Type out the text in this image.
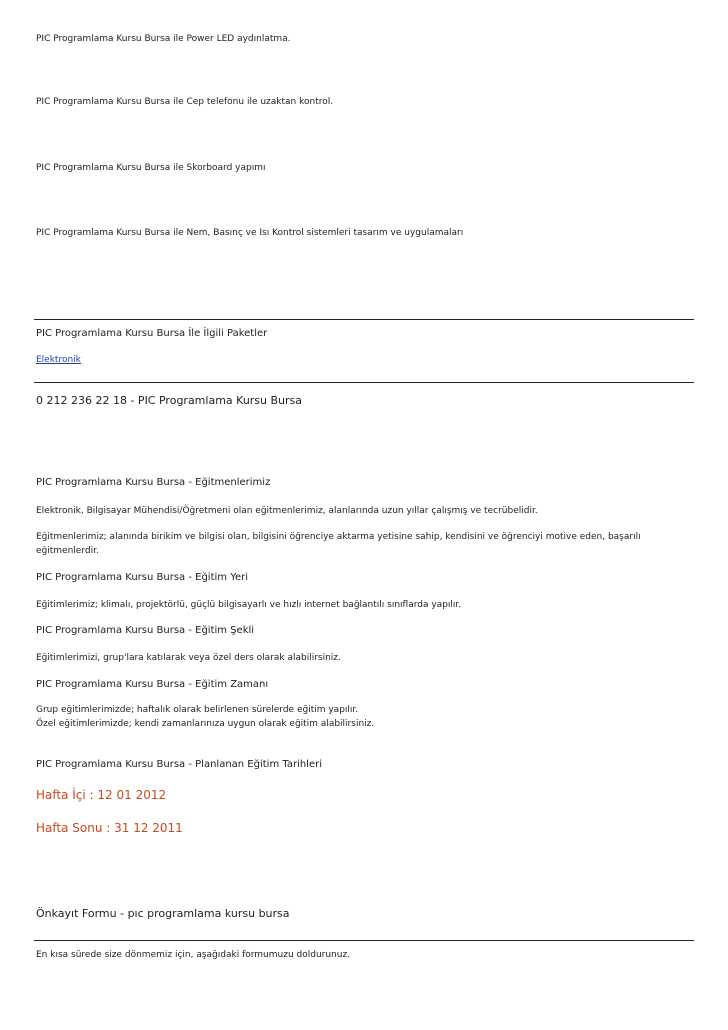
PIC Programlama Kursu Bursa ile Power LED aydınlatma.
PIC Programlama Kursu Bursa ile Cep telefonu ile uzaktan kontrol.
PIC Programlama Kursu Bursa ile Skorboard yapımı
PIC Programlama Kursu Bursa ile Nem, Basınç ve Isı Kontrol sistemleri tasarım ve uygulamaları
PIC Programlama Kursu Bursa İle İlgili Paketler
Elektronik
0 212 236 22 18 - PIC Programlama Kursu Bursa
PIC Programlama Kursu Bursa - Eğitmenlerimiz
Elektronik, Bilgisayar Mühendisi/Öğretmeni olan eğitmenlerimiz, alanlarında uzun yıllar çalışmış ve tecrübelidir.
Eğitmenlerimiz; alanında birikim ve bilgisi olan, bilgisini öğrenciye aktarma yetisine sahip, kendisini ve öğrenciyi motive eden, başarılı
eğitmenlerdir.
PIC Programlama Kursu Bursa - Eğitim Yeri
Eğitimlerimiz; klimalı, projektörlü, güçlü bilgisayarlı ve hızlı internet bağlantılı sınıflarda yapılır.
PIC Programlama Kursu Bursa - Eğitim Şekli
Eğitimlerimizi, grup'lara katılarak veya özel ders olarak alabilirsiniz.
PIC Programlama Kursu Bursa - Eğitim Zamanı
Grup eğitimlerimizde; haftalık olarak belirlenen sürelerde eğitim yapılır.
Özel eğitimlerimizde; kendi zamanlarınıza uygun olarak eğitim alabilirsiniz.
PIC Programlama Kursu Bursa - Planlanan Eğitim Tarihleri
Hafta İçi : 12 01 2012
Hafta Sonu : 31 12 2011
Önkayıt Formu - pıc programlama kursu bursa
En kısa sürede size dönmemiz için, aşağıdaki formumuzu doldurunuz.
